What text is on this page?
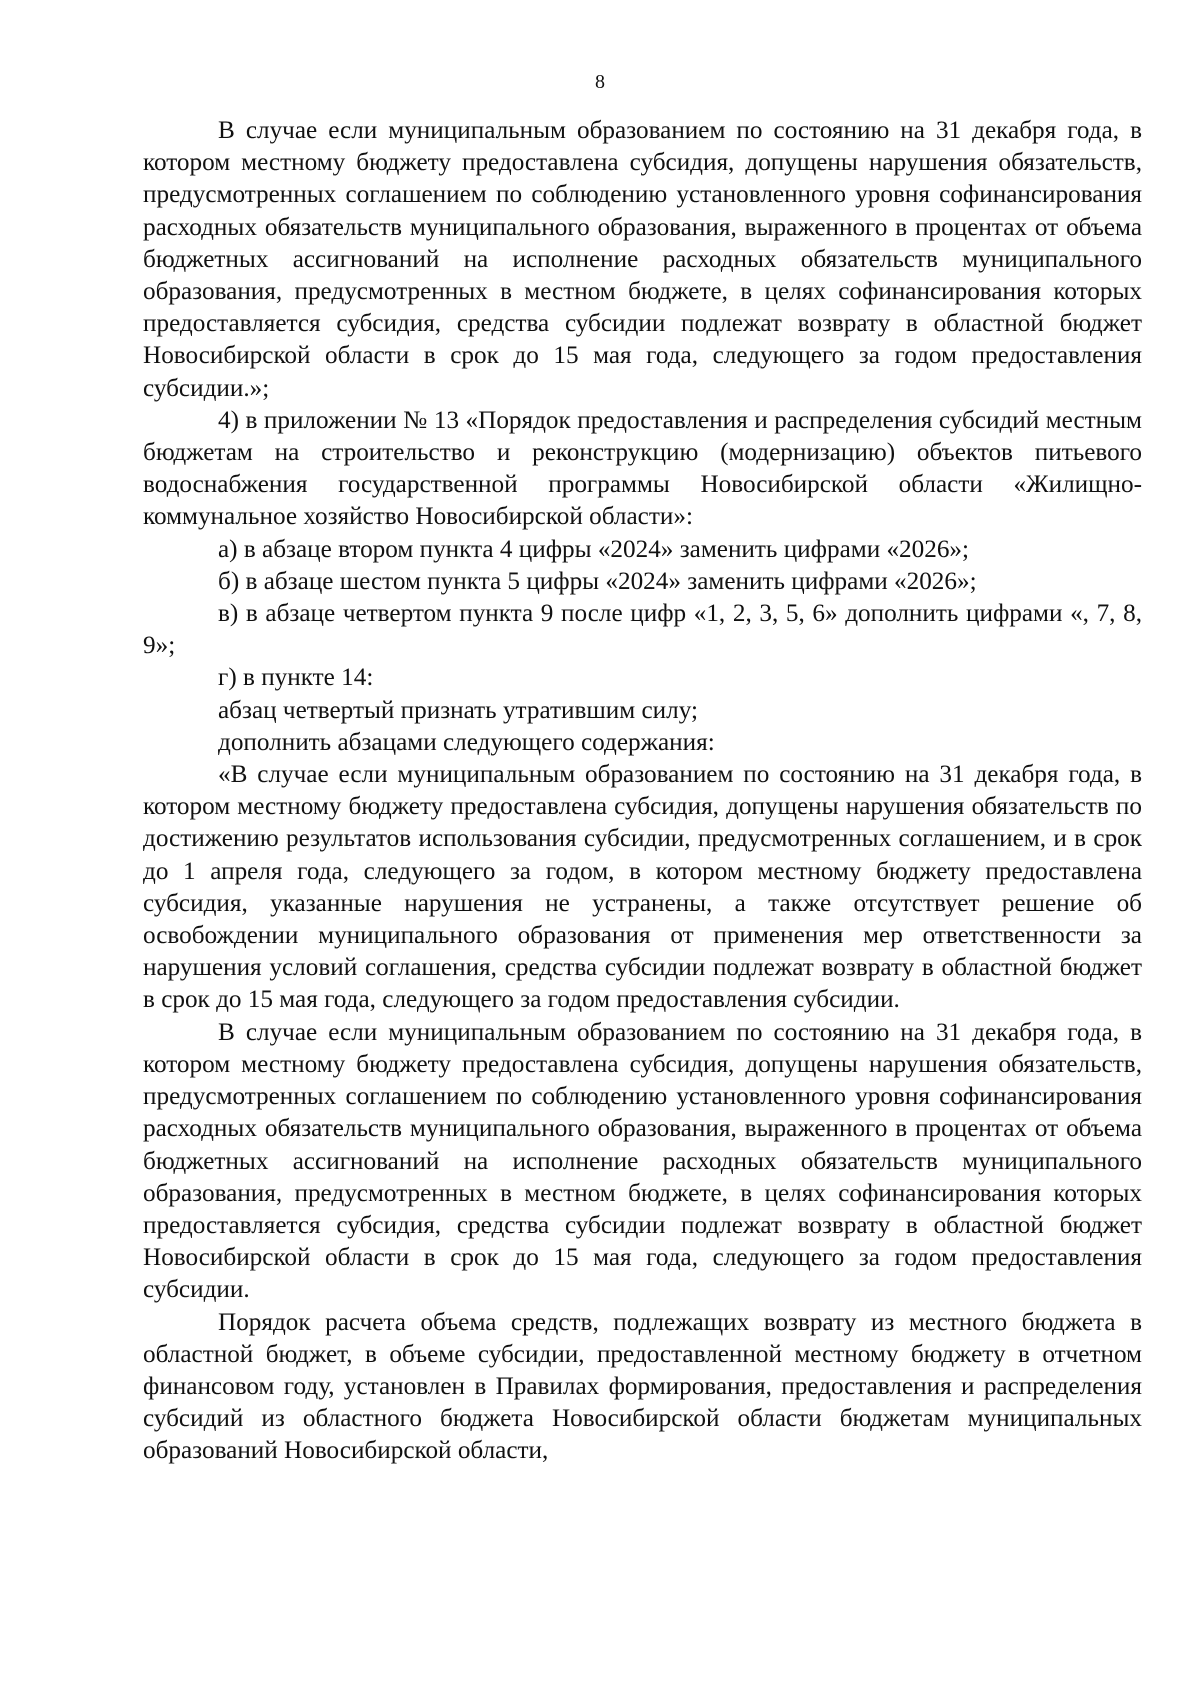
8

В случае если муниципальным образованием по состоянию на 31 декабря года, в котором местному бюджету предоставлена субсидия, допущены нарушения обязательств, предусмотренных соглашением по соблюдению установленного уровня софинансирования расходных обязательств муниципального образования, выраженного в процентах от объема бюджетных ассигнований на исполнение расходных обязательств муниципального образования, предусмотренных в местном бюджете, в целях софинансирования которых предоставляется субсидия, средства субсидии подлежат возврату в областной бюджет Новосибирской области в срок до 15 мая года, следующего за годом предоставления субсидии.»;

4) в приложении № 13 «Порядок предоставления и распределения субсидий местным бюджетам на строительство и реконструкцию (модернизацию) объектов питьевого водоснабжения государственной программы Новосибирской области «Жилищно-коммунальное хозяйство Новосибирской области»:

а) в абзаце втором пункта 4 цифры «2024» заменить цифрами «2026»;

б) в абзаце шестом пункта 5 цифры «2024» заменить цифрами «2026»;

в) в абзаце четвертом пункта 9 после цифр «1, 2, 3, 5, 6» дополнить цифрами «, 7, 8, 9»;

г) в пункте 14:

абзац четвертый признать утратившим силу;

дополнить абзацами следующего содержания:

«В случае если муниципальным образованием по состоянию на 31 декабря года, в котором местному бюджету предоставлена субсидия, допущены нарушения обязательств по достижению результатов использования субсидии, предусмотренных соглашением, и в срок до 1 апреля года, следующего за годом, в котором местному бюджету предоставлена субсидия, указанные нарушения не устранены, а также отсутствует решение об освобождении муниципального образования от применения мер ответственности за нарушения условий соглашения, средства субсидии подлежат возврату в областной бюджет в срок до 15 мая года, следующего за годом предоставления субсидии.

В случае если муниципальным образованием по состоянию на 31 декабря года, в котором местному бюджету предоставлена субсидия, допущены нарушения обязательств, предусмотренных соглашением по соблюдению установленного уровня софинансирования расходных обязательств муниципального образования, выраженного в процентах от объема бюджетных ассигнований на исполнение расходных обязательств муниципального образования, предусмотренных в местном бюджете, в целях софинансирования которых предоставляется субсидия, средства субсидии подлежат возврату в областной бюджет Новосибирской области в срок до 15 мая года, следующего за годом предоставления субсидии.

Порядок расчета объема средств, подлежащих возврату из местного бюджета в областной бюджет, в объеме субсидии, предоставленной местному бюджету в отчетном финансовом году, установлен в Правилах формирования, предоставления и распределения субсидий из областного бюджета Новосибирской области бюджетам муниципальных образований Новосибирской области,
